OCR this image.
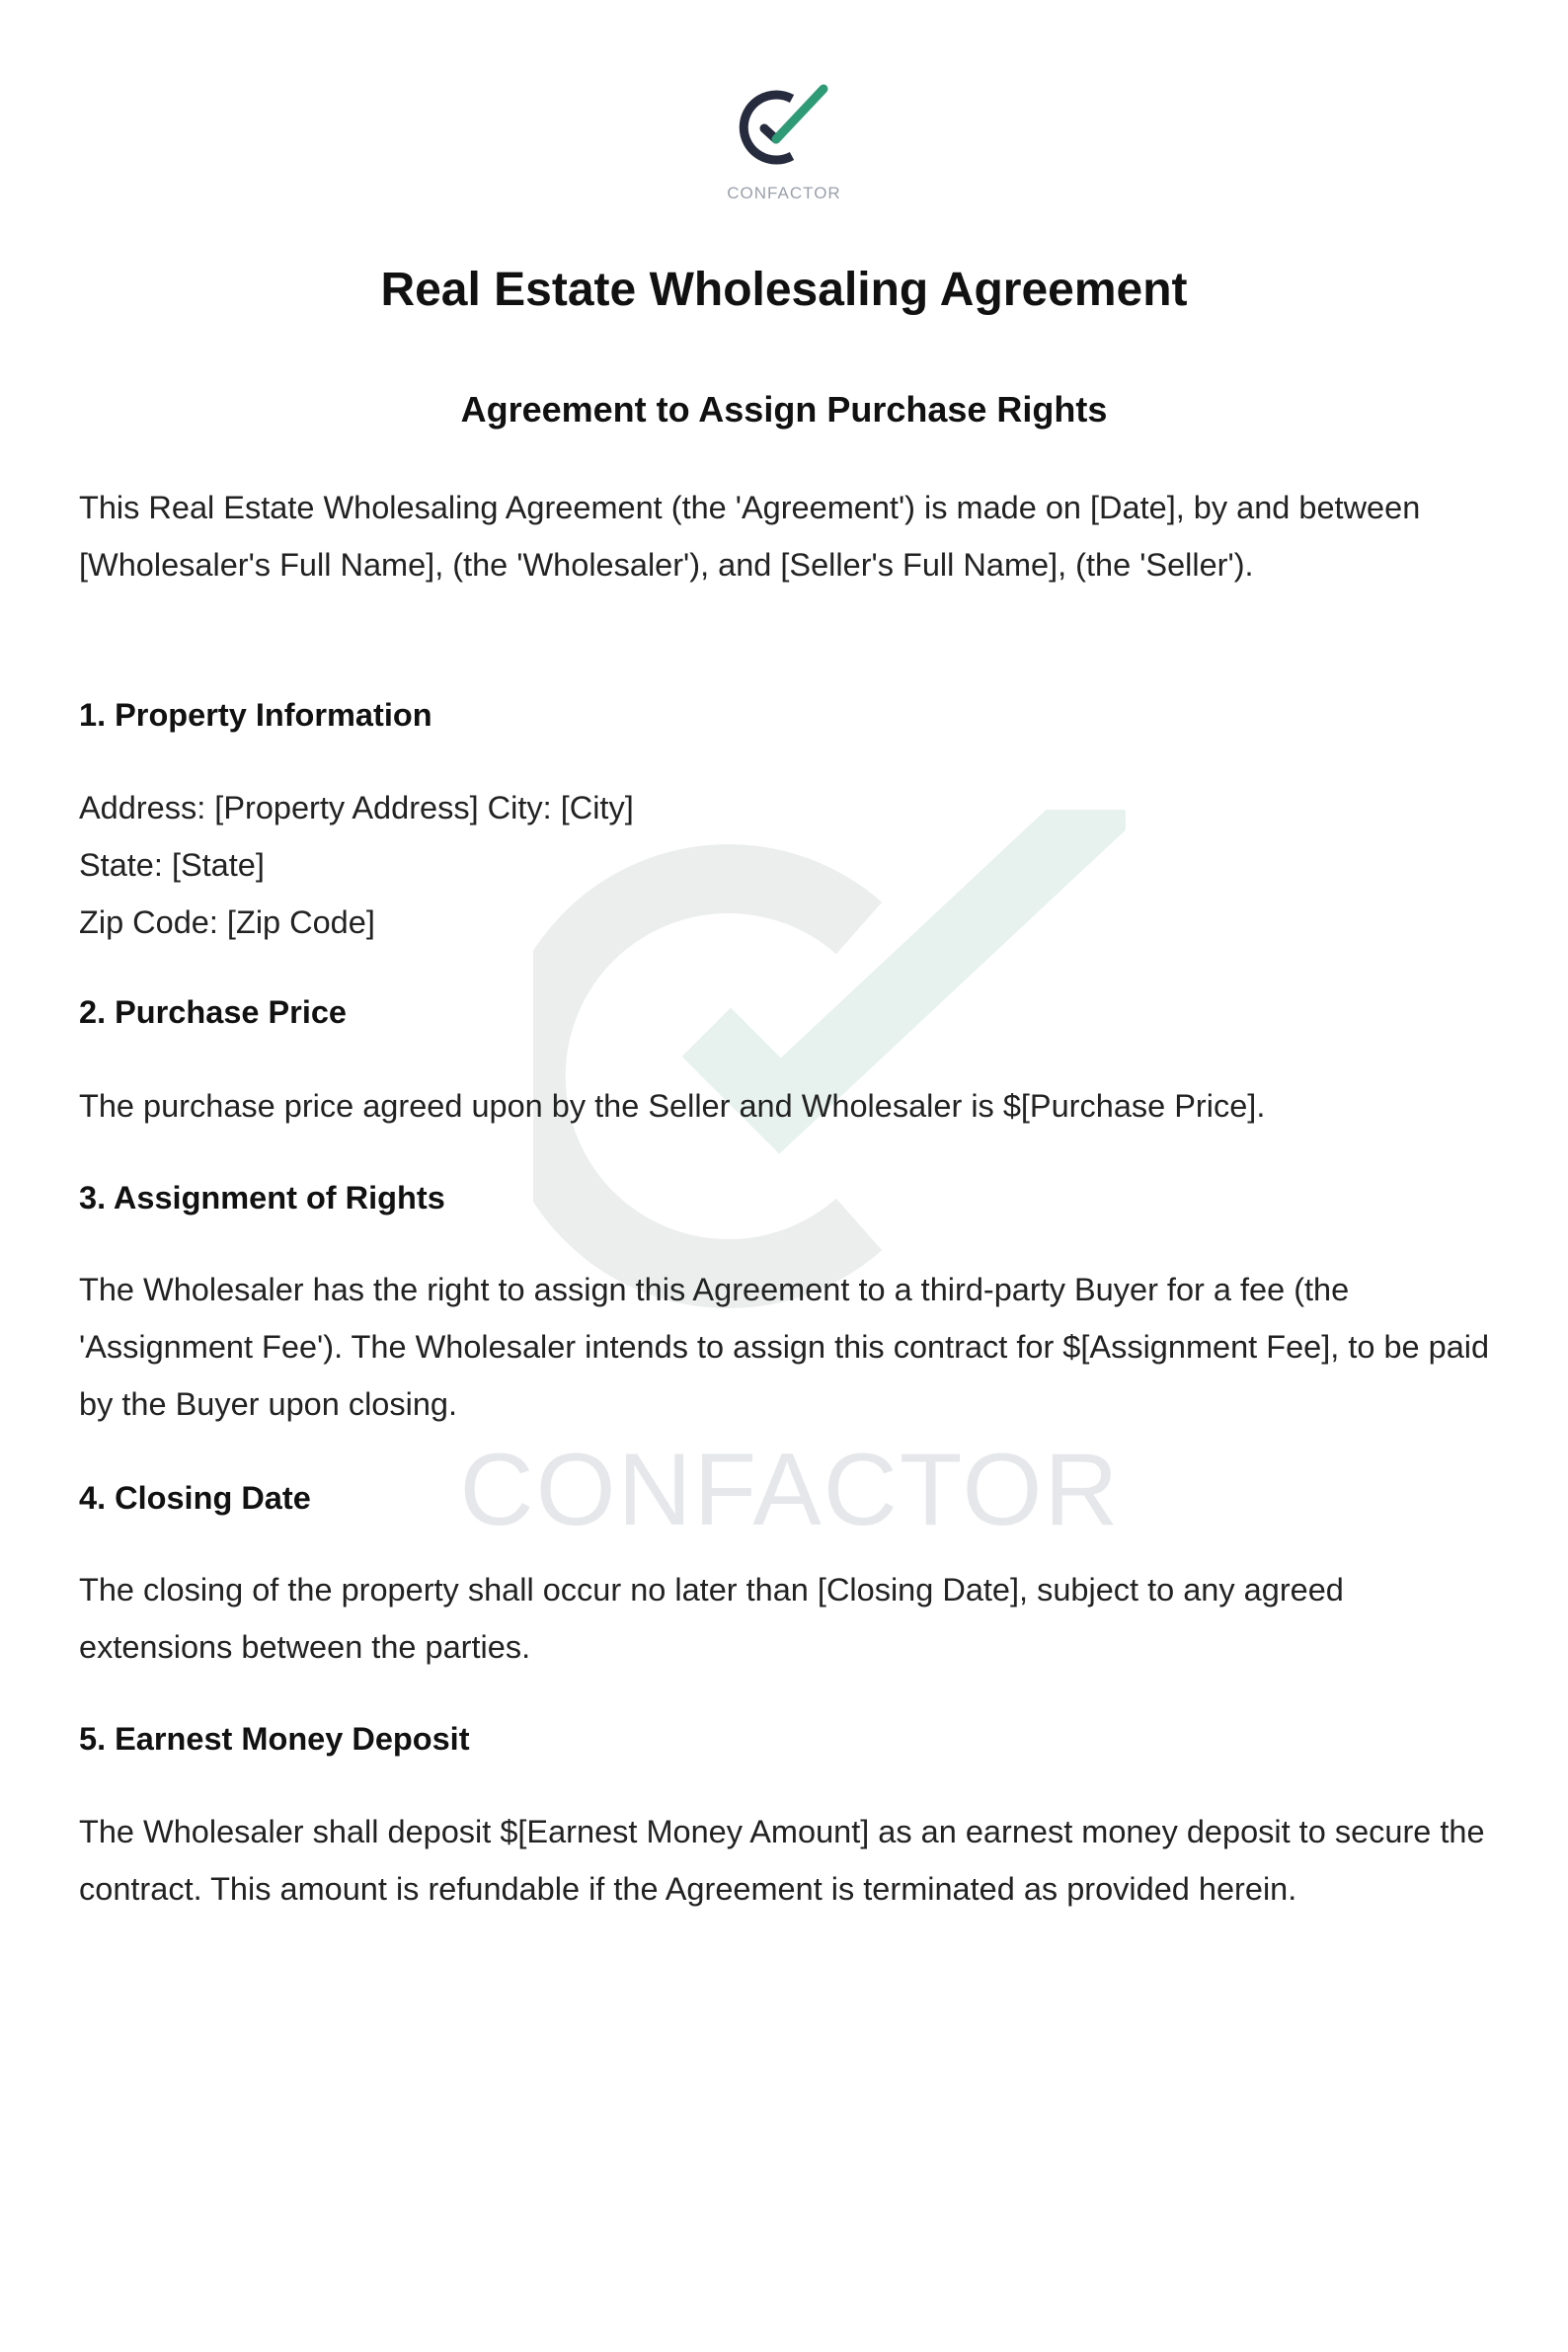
CONFACTOR
CONFACTOR
Real Estate Wholesaling Agreement
Agreement to Assign Purchase Rights
This Real Estate Wholesaling Agreement (the 'Agreement') is made on [Date], by and between [Wholesaler's Full Name], (the 'Wholesaler'), and [Seller's Full Name], (the 'Seller').
1. Property Information
Address: [Property Address] City: [City]
State: [State]
Zip Code: [Zip Code]
2. Purchase Price
The purchase price agreed upon by the Seller and Wholesaler is $[Purchase Price].
3. Assignment of Rights
The Wholesaler has the right to assign this Agreement to a third-party Buyer for a fee (the 'Assignment Fee'). The Wholesaler intends to assign this contract for $[Assignment Fee], to be paid by the Buyer upon closing.
4. Closing Date
The closing of the property shall occur no later than [Closing Date], subject to any agreed extensions between the parties.
5. Earnest Money Deposit
The Wholesaler shall deposit $[Earnest Money Amount] as an earnest money deposit to secure the contract. This amount is refundable if the Agreement is terminated as provided herein.
